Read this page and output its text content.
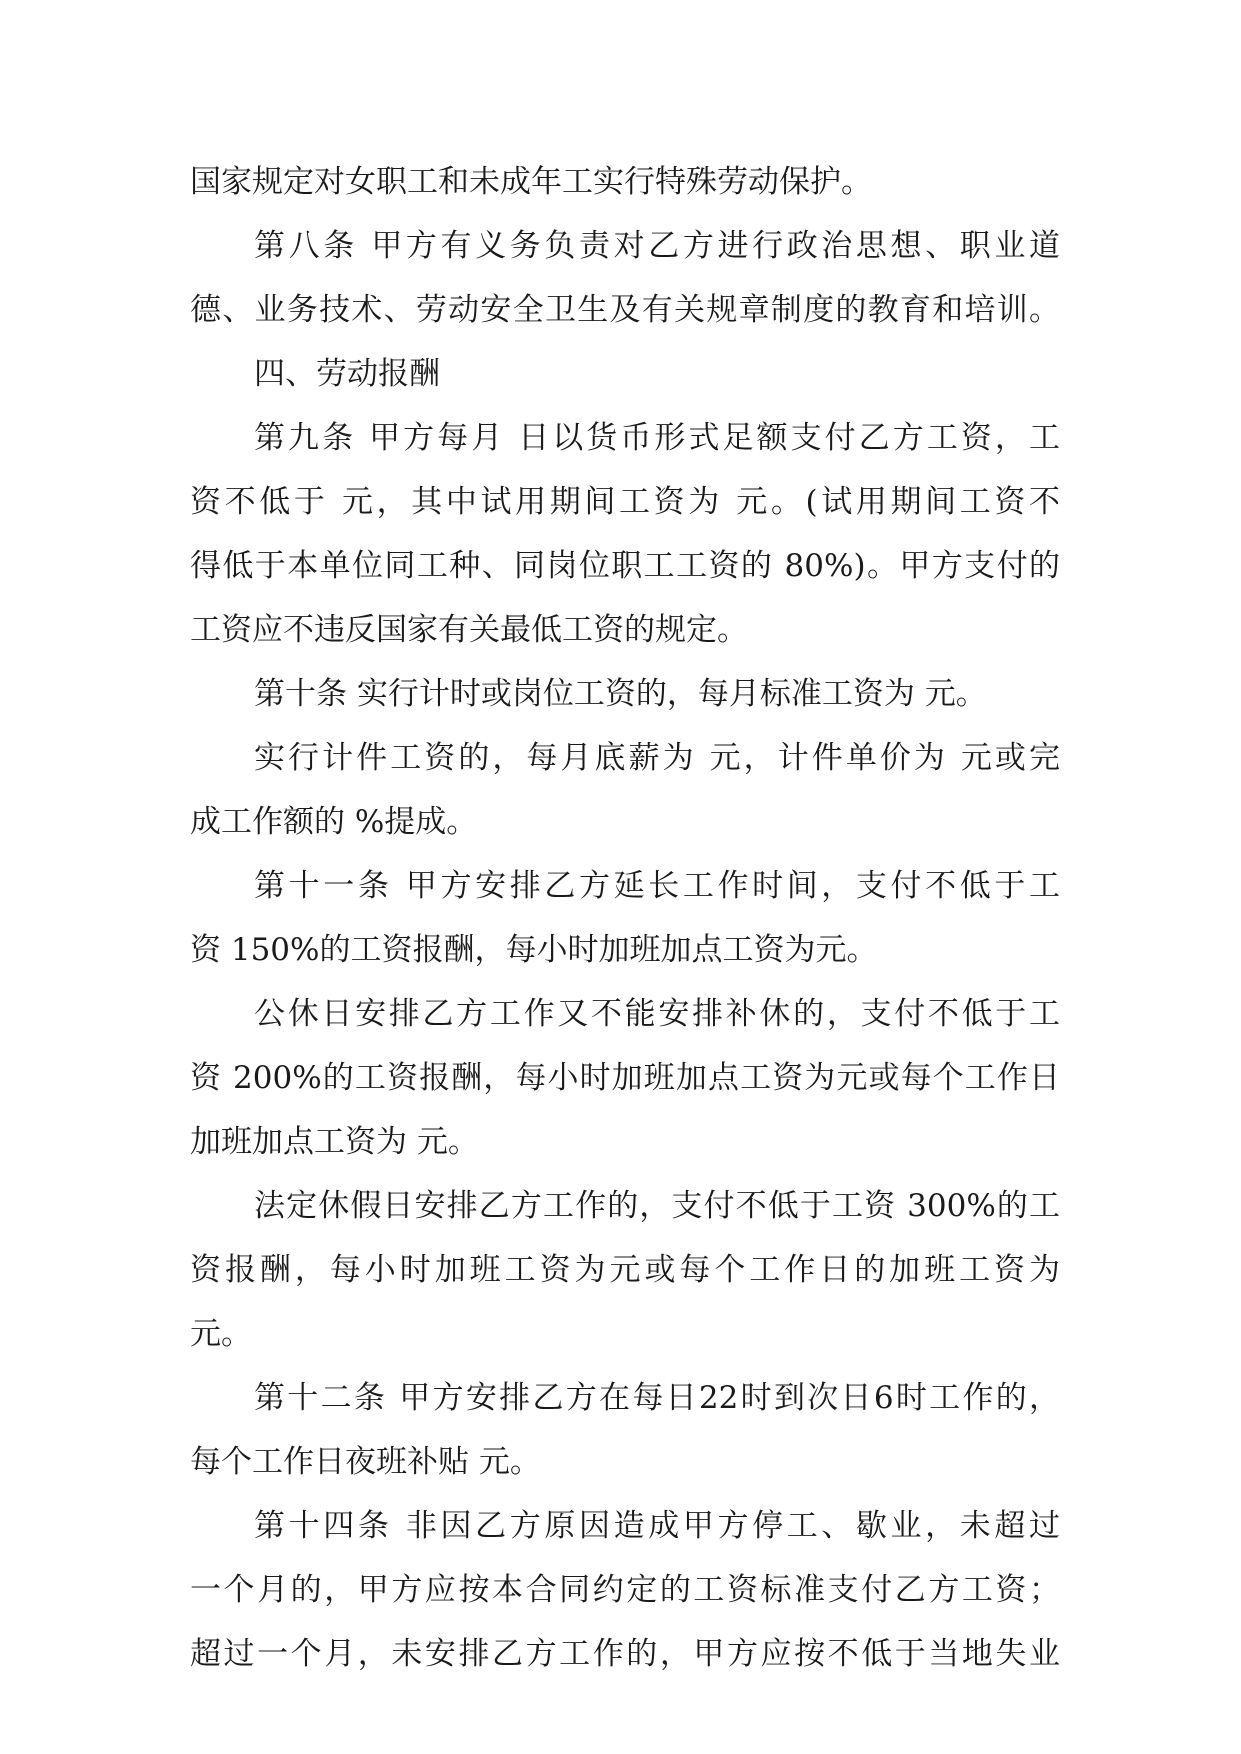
国家规定对女职工和未成年工实行特殊劳动保护。
第八条 甲方有义务负责对乙方进行政治思想、职业道
德、业务技术、劳动安全卫生及有关规章制度的教育和培训。
四、劳动报酬
第九条 甲方每月 日以货币形式足额支付乙方工资，工
资不低于 元，其中试用期间工资为 元。(试用期间工资不
得低于本单位同工种、同岗位职工工资的 80%)。甲方支付的
工资应不违反国家有关最低工资的规定。
第十条 实行计时或岗位工资的，每月标准工资为 元。
实行计件工资的，每月底薪为 元，计件单价为 元或完
成工作额的 %提成。
第十一条 甲方安排乙方延长工作时间，支付不低于工
资 150%的工资报酬，每小时加班加点工资为元。
公休日安排乙方工作又不能安排补休的，支付不低于工
资 200%的工资报酬，每小时加班加点工资为元或每个工作日
加班加点工资为 元。
法定休假日安排乙方工作的，支付不低于工资 300%的工
资报酬，每小时加班工资为元或每个工作日的加班工资为
元。
第十二条 甲方安排乙方在每日22时到次日6时工作的，
每个工作日夜班补贴 元。
第十四条 非因乙方原因造成甲方停工、歇业，未超过
一个月的，甲方应按本合同约定的工资标准支付乙方工资；
超过一个月，未安排乙方工作的，甲方应按不低于当地失业
